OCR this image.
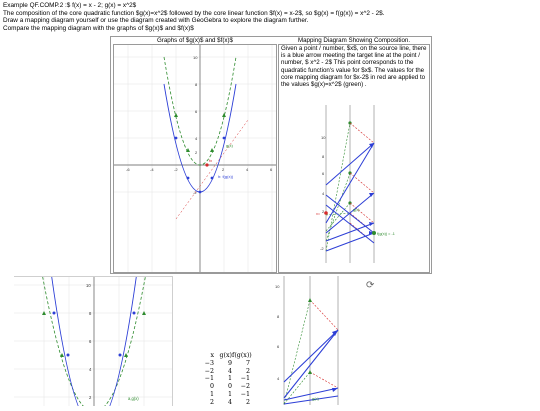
Example QF.COMP.2 :$ f(x) = x - 2; g(x) = x^2$
The composition of the core quadratic function $g(x)=x^2$ followed by the core linear function $f(x) = x-2$, so $g(x) = f(g(x)) = x^2 - 2$.
Draw a mapping diagram yourself or use the diagram created with GeoGebra to explore the diagram further.
Compare the mapping diagram with the graphs of $g(x)$ and $f(x)$
Graphs of $g(x)$ and $f(x)$	Mapping Diagram Showing Composition.
-6	-4	-2	2	4	6
10
8
6
4
2
-2
g(x)
fx
h: f(g(x))
10
8
6
4
2
-2
g(x)
f(g(x)) = -1
x=
Given a point / number, $x$, on the source line, there is a blue arrow meeting the target line at the point / number, $ x^2 - 2$ This point corresponds to the quadratic function's value for $x$. The values for the core mapping diagram for $x-2$ in red are applied to the values $g(x)=x^2$ (green) .
10
8
6
4
2	a,g(x)
x g(x) f(g(x))
−3	9	7
−2	4	2
−1	1	−1
0	0	−2
1	1	−1
2	4	2
10
8
6
4
g(x)
⟳
